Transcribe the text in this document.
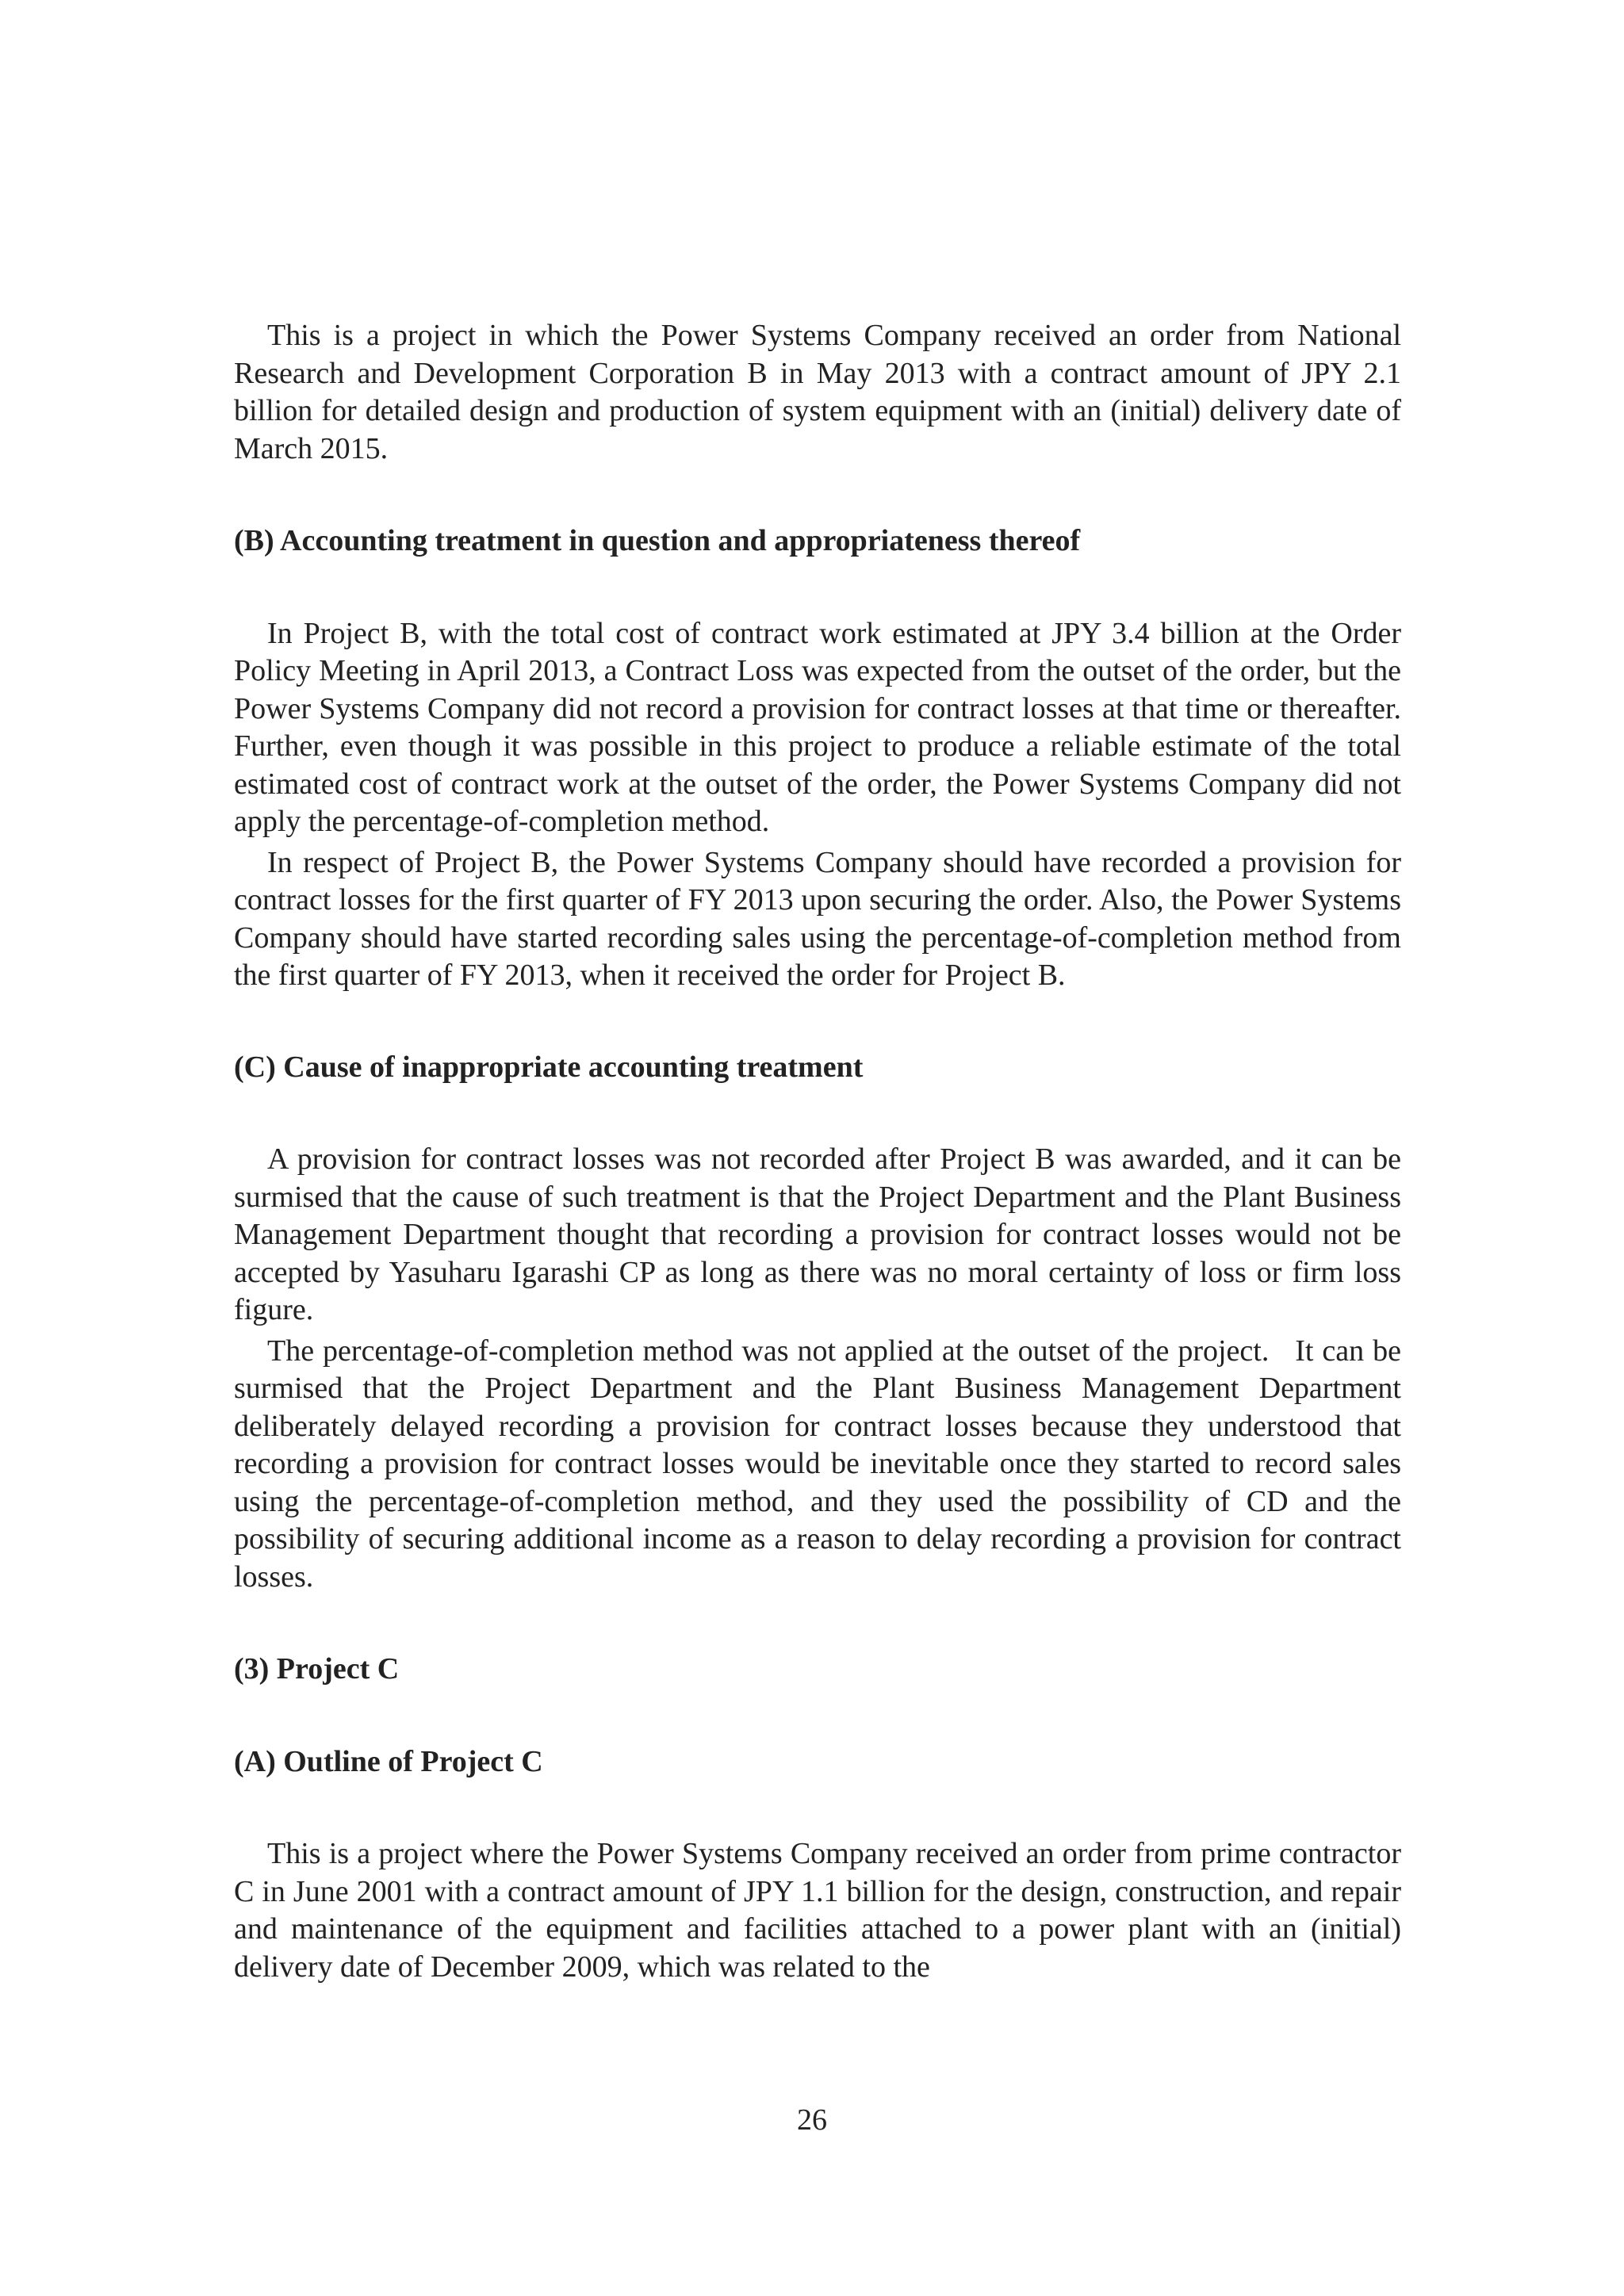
This is a project in which the Power Systems Company received an order from National Research and Development Corporation B in May 2013 with a contract amount of JPY 2.1 billion for detailed design and production of system equipment with an (initial) delivery date of March 2015.

(B) Accounting treatment in question and appropriateness thereof

In Project B, with the total cost of contract work estimated at JPY 3.4 billion at the Order Policy Meeting in April 2013, a Contract Loss was expected from the outset of the order, but the Power Systems Company did not record a provision for contract losses at that time or thereafter. Further, even though it was possible in this project to produce a reliable estimate of the total estimated cost of contract work at the outset of the order, the Power Systems Company did not apply the percentage-of-completion method.

In respect of Project B, the Power Systems Company should have recorded a provision for contract losses for the first quarter of FY 2013 upon securing the order. Also, the Power Systems Company should have started recording sales using the percentage-of-completion method from the first quarter of FY 2013, when it received the order for Project B.

(C) Cause of inappropriate accounting treatment

A provision for contract losses was not recorded after Project B was awarded, and it can be surmised that the cause of such treatment is that the Project Department and the Plant Business Management Department thought that recording a provision for contract losses would not be accepted by Yasuharu Igarashi CP as long as there was no moral certainty of loss or firm loss figure.

The percentage-of-completion method was not applied at the outset of the project.   It can be surmised that the Project Department and the Plant Business Management Department deliberately delayed recording a provision for contract losses because they understood that recording a provision for contract losses would be inevitable once they started to record sales using the percentage-of-completion method, and they used the possibility of CD and the possibility of securing additional income as a reason to delay recording a provision for contract losses.

(3) Project C

(A) Outline of Project C

This is a project where the Power Systems Company received an order from prime contractor C in June 2001 with a contract amount of JPY 1.1 billion for the design, construction, and repair and maintenance of the equipment and facilities attached to a power plant with an (initial) delivery date of December 2009, which was related to the

26
